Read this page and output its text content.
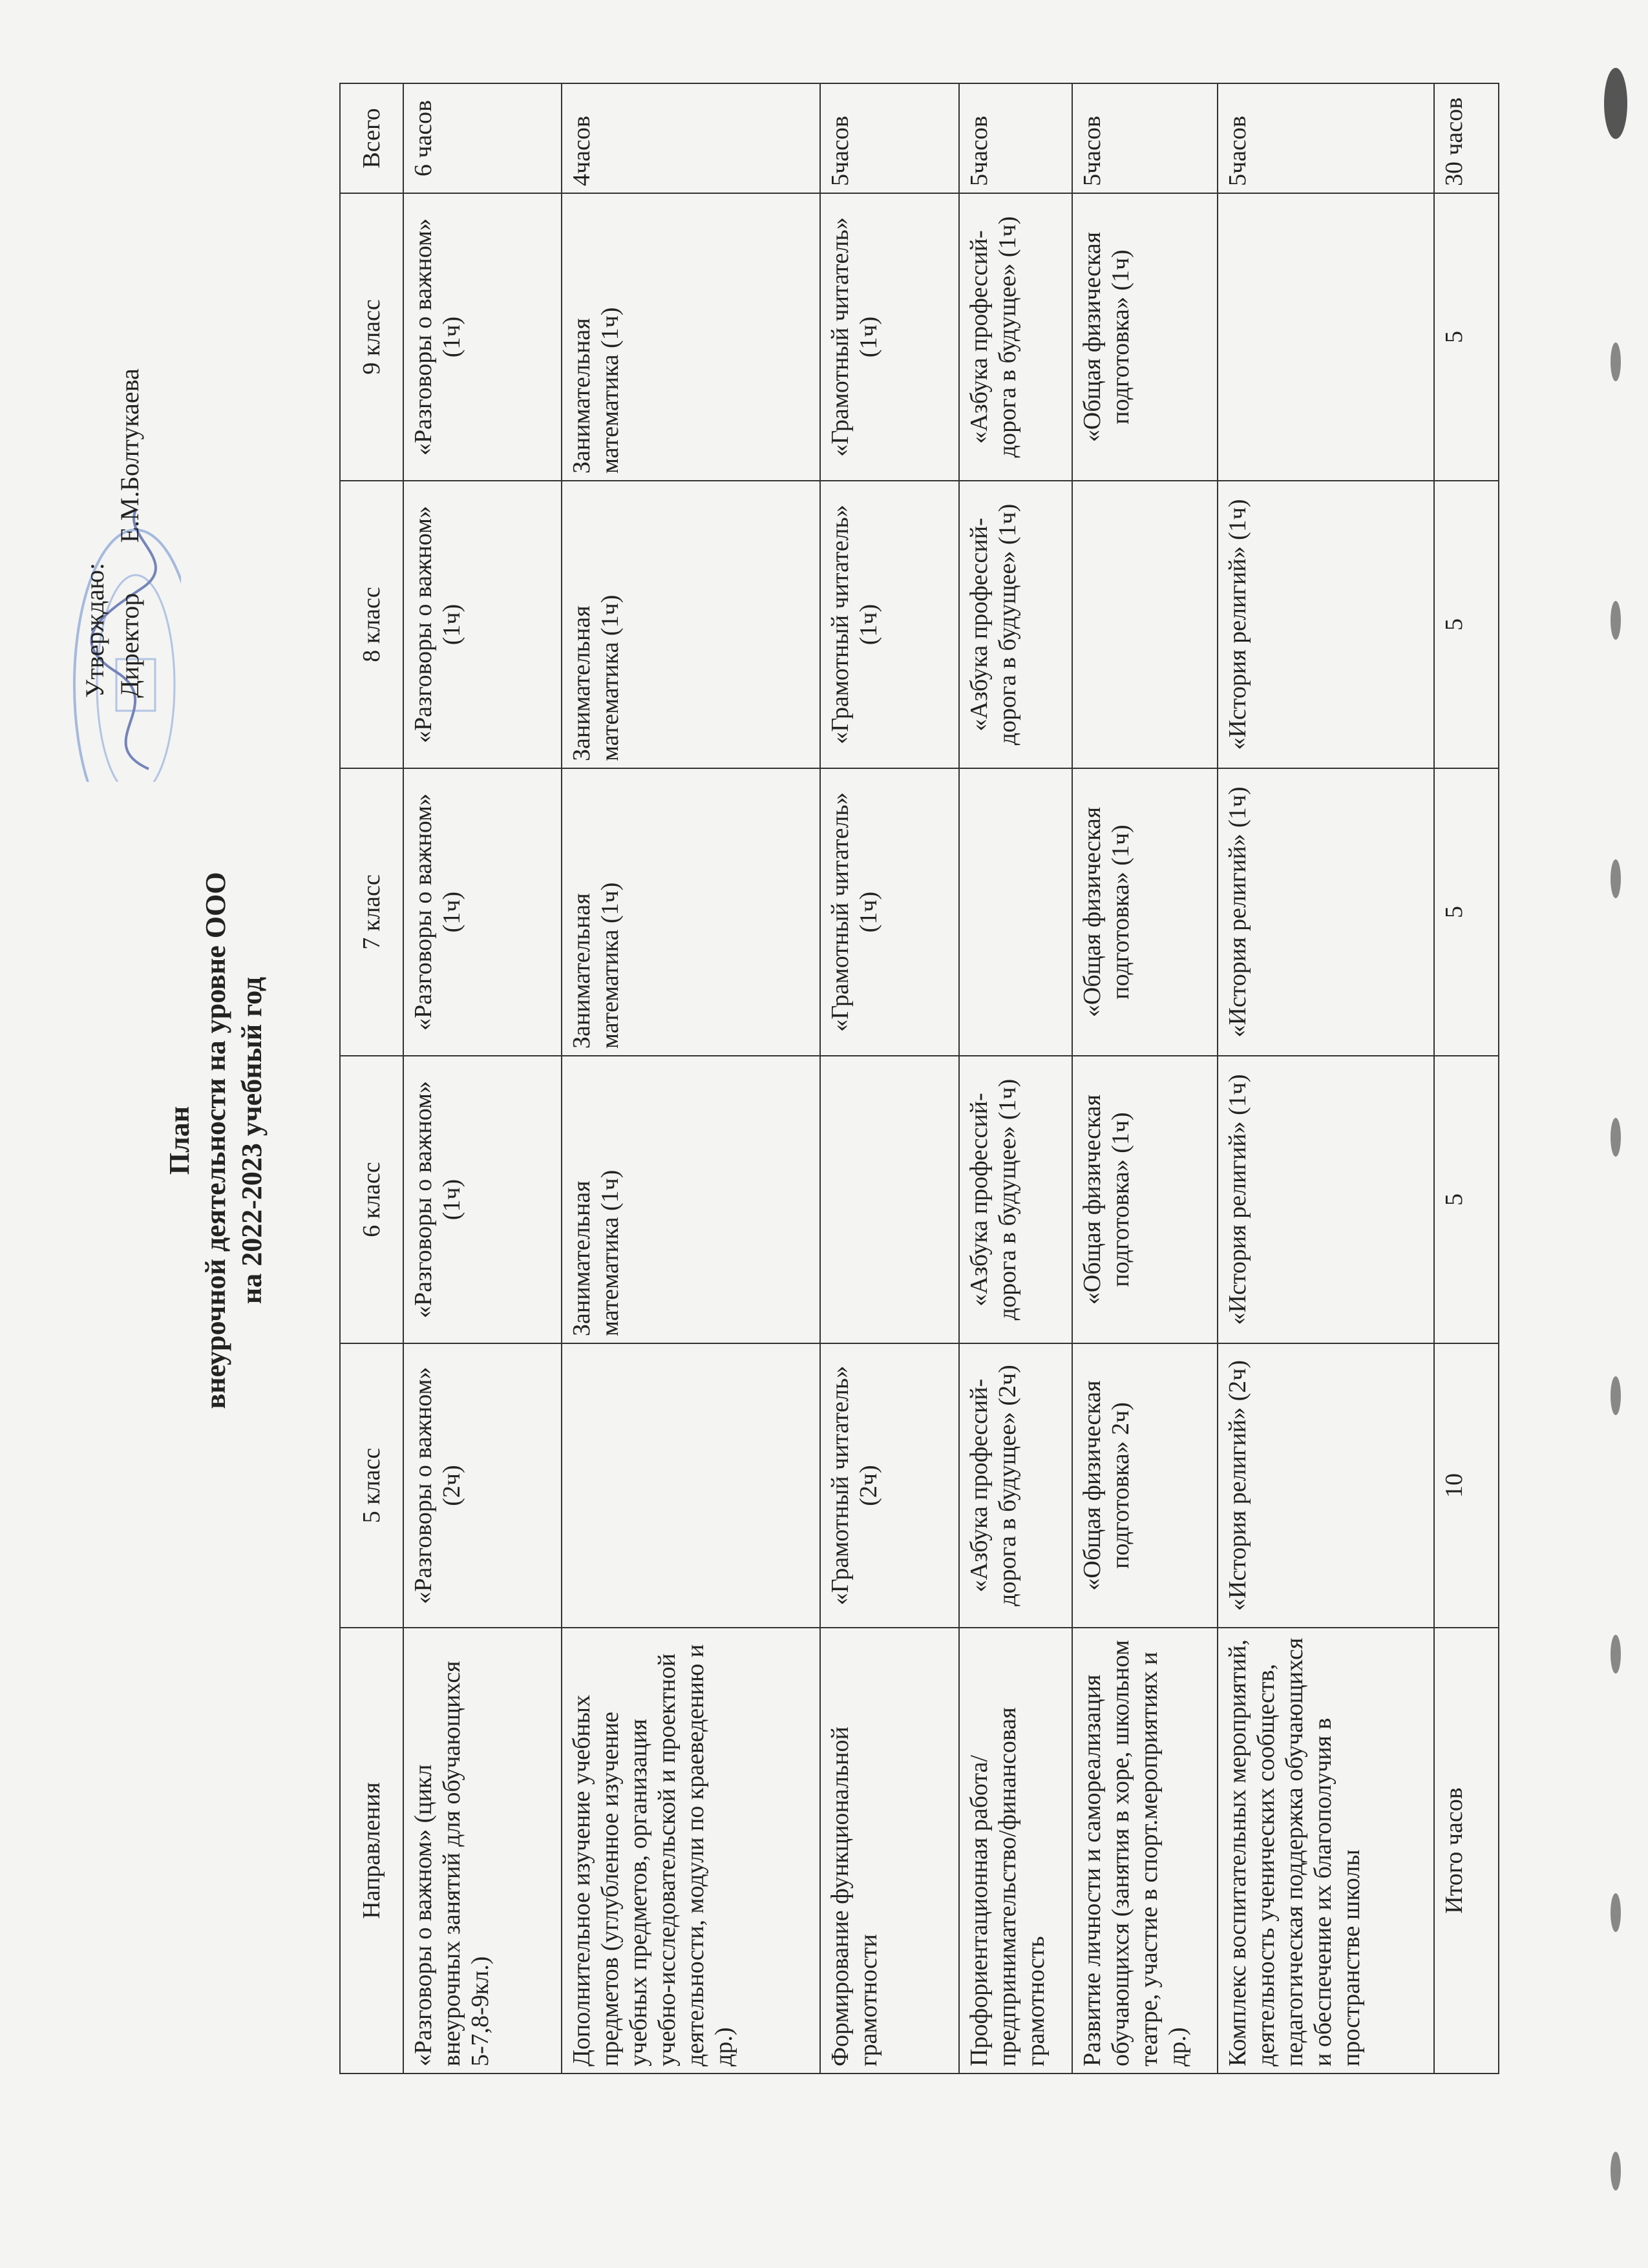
Утверждаю: Директор
Е.М.Болтукаева
План внеурочной деятельности на уровне ООО на 2022-2023 учебный год
Направления	5 класс	6 класс	7 класс	8 класс	9 класс	Всего
«Разговоры о важном» (цикл внеурочных занятий для обучающихся 5-7,8-9кл.)	«Разговоры о важном» (2ч)	«Разговоры о важном» (1ч)	«Разговоры о важном» (1ч)	«Разговоры о важном» (1ч)	«Разговоры о важном» (1ч)	6 часов
Дополнительное изучение учебных предметов (углубленное изучение учебных предметов, организация учебно-исследовательской и проектной деятельности, модули по краеведению и др.)		Занимательная математика (1ч)	Занимательная математика (1ч)	Занимательная математика (1ч)	Занимательная математика (1ч)	4часов
Формирование функциональной грамотности	«Грамотный читатель» (2ч)		«Грамотный читатель» (1ч)	«Грамотный читатель» (1ч)	«Грамотный читатель» (1ч)	5часов
Профориентационная работа/ предпринимательство/финансовая грамотность	«Азбука профессий-дорога в будущее» (2ч)	«Азбука профессий-дорога в будущее» (1ч)		«Азбука профессий-дорога в будущее» (1ч)	«Азбука профессий-дорога в будущее» (1ч)	5часов
Развитие личности и самореализация обучающихся (занятия в хоре, школьном театре, участие в спорт.мероприятиях и др.)	«Общая физическая подготовка» 2ч)	«Общая физическая подготовка» (1ч)	«Общая физическая подготовка» (1ч)		«Общая физическая подготовка» (1ч)	5часов
Комплекс воспитательных мероприятий, деятельность ученических сообществ, педагогическая поддержка обучающихся и обеспечение их благополучия в пространстве школы	«История религий» (2ч)	«История религий» (1ч)	«История религий» (1ч)	«История религий» (1ч)		5часов
Итого часов	10	5	5	5	5	30 часов
